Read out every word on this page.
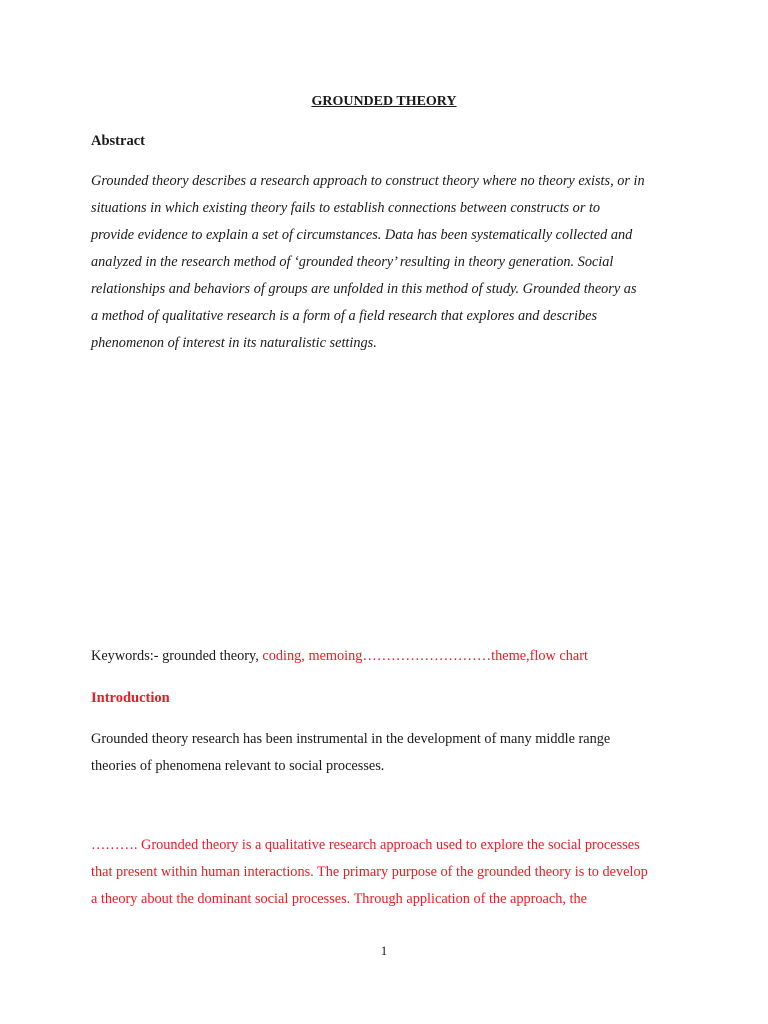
GROUNDED THEORY
Abstract

Grounded theory describes a research approach to construct theory where no theory exists, or in
situations in which existing theory fails to establish connections between constructs or to
provide evidence to explain a set of circumstances. Data has been systematically collected and
analyzed in the research method of ‘grounded theory’ resulting in theory generation. Social
relationships and behaviors of groups are unfolded in this method of study. Grounded theory as
a method of qualitative research is a form of a field research that explores and describes
phenomenon of interest in its naturalistic settings.

Keywords:- grounded theory, coding, memoing………………………theme,flow chart

Introduction

Grounded theory research has been instrumental in the development of many middle range
theories of phenomena relevant to social processes.

………. Grounded theory is a qualitative research approach used to explore the social processes
that present within human interactions. The primary purpose of the grounded theory is to develop
a theory about the dominant social processes. Through application of the approach, the

1
